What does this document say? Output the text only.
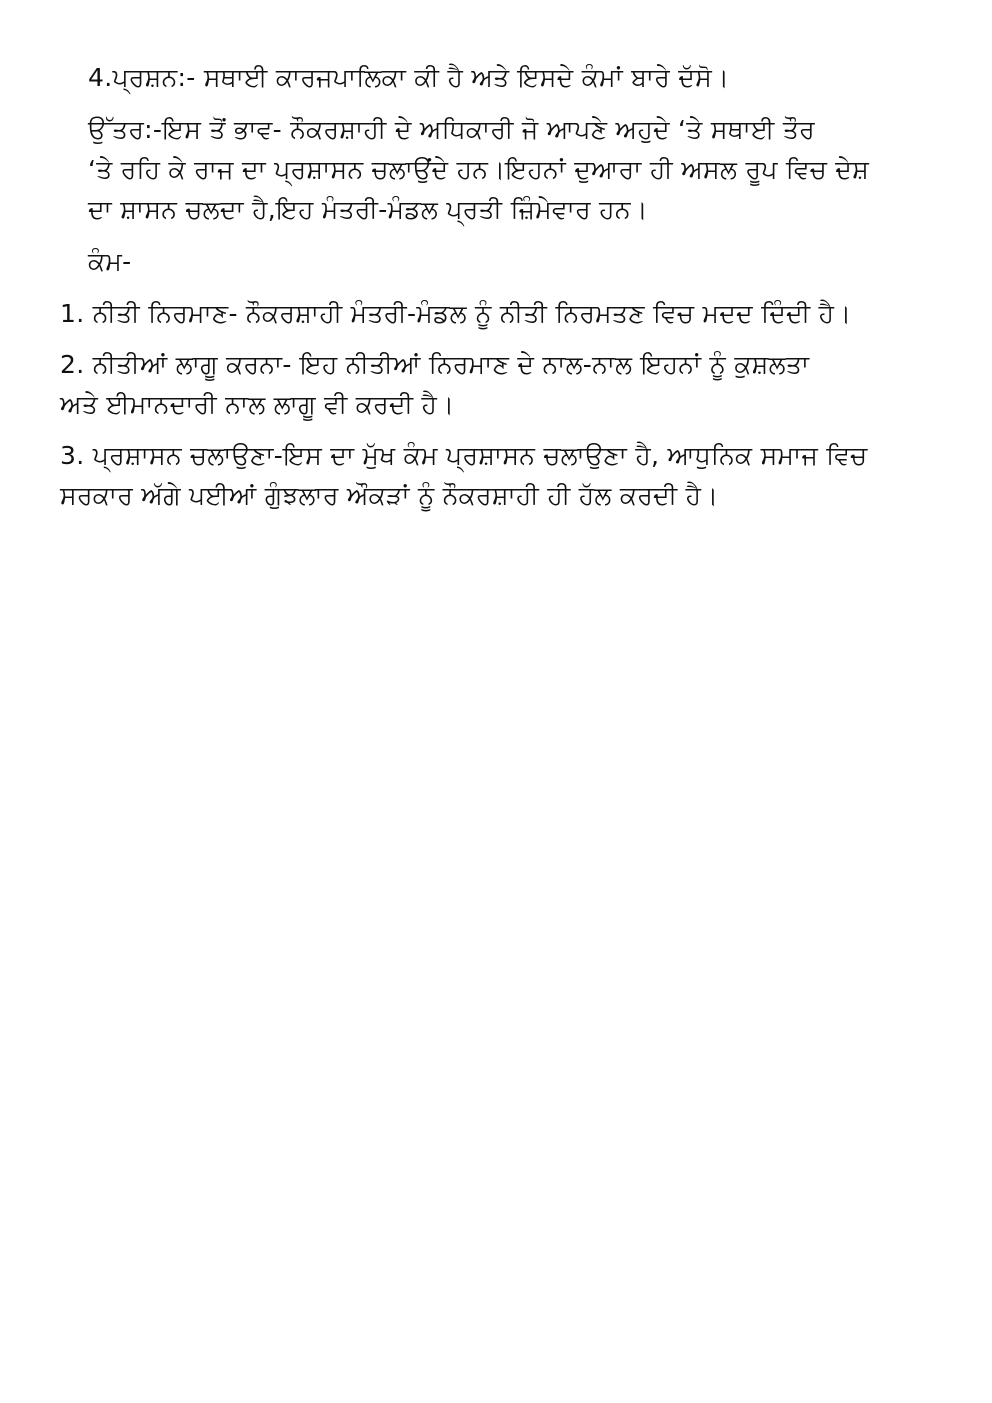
4.ਪ੍ਰਸ਼ਨ:- ਸਥਾਈ ਕਾਰਜਪਾਲਿਕਾ ਕੀ ਹੈ ਅਤੇ ਇਸਦੇ ਕੰਮਾਂ ਬਾਰੇ ਦੱਸੋ।
ਉੱਤਰ:-ਇਸ ਤੋਂ ਭਾਵ- ਨੌਕਰਸ਼ਾਹੀ ਦੇ ਅਧਿਕਾਰੀ ਜੋ ਆਪਣੇ ਅਹੁਦੇ ‘ਤੇ ਸਥਾਈ ਤੌਰ
‘ਤੇ ਰਹਿ ਕੇ ਰਾਜ ਦਾ ਪ੍ਰਸ਼ਾਸਨ ਚਲਾਉਂਦੇ ਹਨ।ਇਹਨਾਂ ਦੁਆਰਾ ਹੀ ਅਸਲ ਰੂਪ ਵਿਚ ਦੇਸ਼
ਦਾ ਸ਼ਾਸਨ ਚਲਦਾ ਹੈ,ਇਹ ਮੰਤਰੀ-ਮੰਡਲ ਪ੍ਰਤੀ ਜ਼ਿੰਮੇਵਾਰ ਹਨ।
ਕੰਮ-
1. ਨੀਤੀ ਨਿਰਮਾਣ- ਨੌਕਰਸ਼ਾਹੀ ਮੰਤਰੀ-ਮੰਡਲ ਨੂੰ ਨੀਤੀ ਨਿਰਮਤਣ ਵਿਚ ਮਦਦ ਦਿੰਦੀ ਹੈ।
2. ਨੀਤੀਆਂ ਲਾਗੂ ਕਰਨਾ- ਇਹ ਨੀਤੀਆਂ ਨਿਰਮਾਣ ਦੇ ਨਾਲ-ਨਾਲ ਇਹਨਾਂ ਨੂੰ ਕੁਸ਼ਲਤਾ
ਅਤੇ ਈਮਾਨਦਾਰੀ ਨਾਲ ਲਾਗੂ ਵੀ ਕਰਦੀ ਹੈ।
3. ਪ੍ਰਸ਼ਾਸਨ ਚਲਾਉਣਾ-ਇਸ ਦਾ ਮੁੱਖ ਕੰਮ ਪ੍ਰਸ਼ਾਸਨ ਚਲਾਉਣਾ ਹੈ, ਆਧੁਨਿਕ ਸਮਾਜ ਵਿਚ
ਸਰਕਾਰ ਅੱਗੇ ਪਈਆਂ ਗੁੰਝਲਾਰ ਔਕੜਾਂ ਨੂੰ ਨੌਕਰਸ਼ਾਹੀ ਹੀ ਹੱਲ ਕਰਦੀ ਹੈ।
